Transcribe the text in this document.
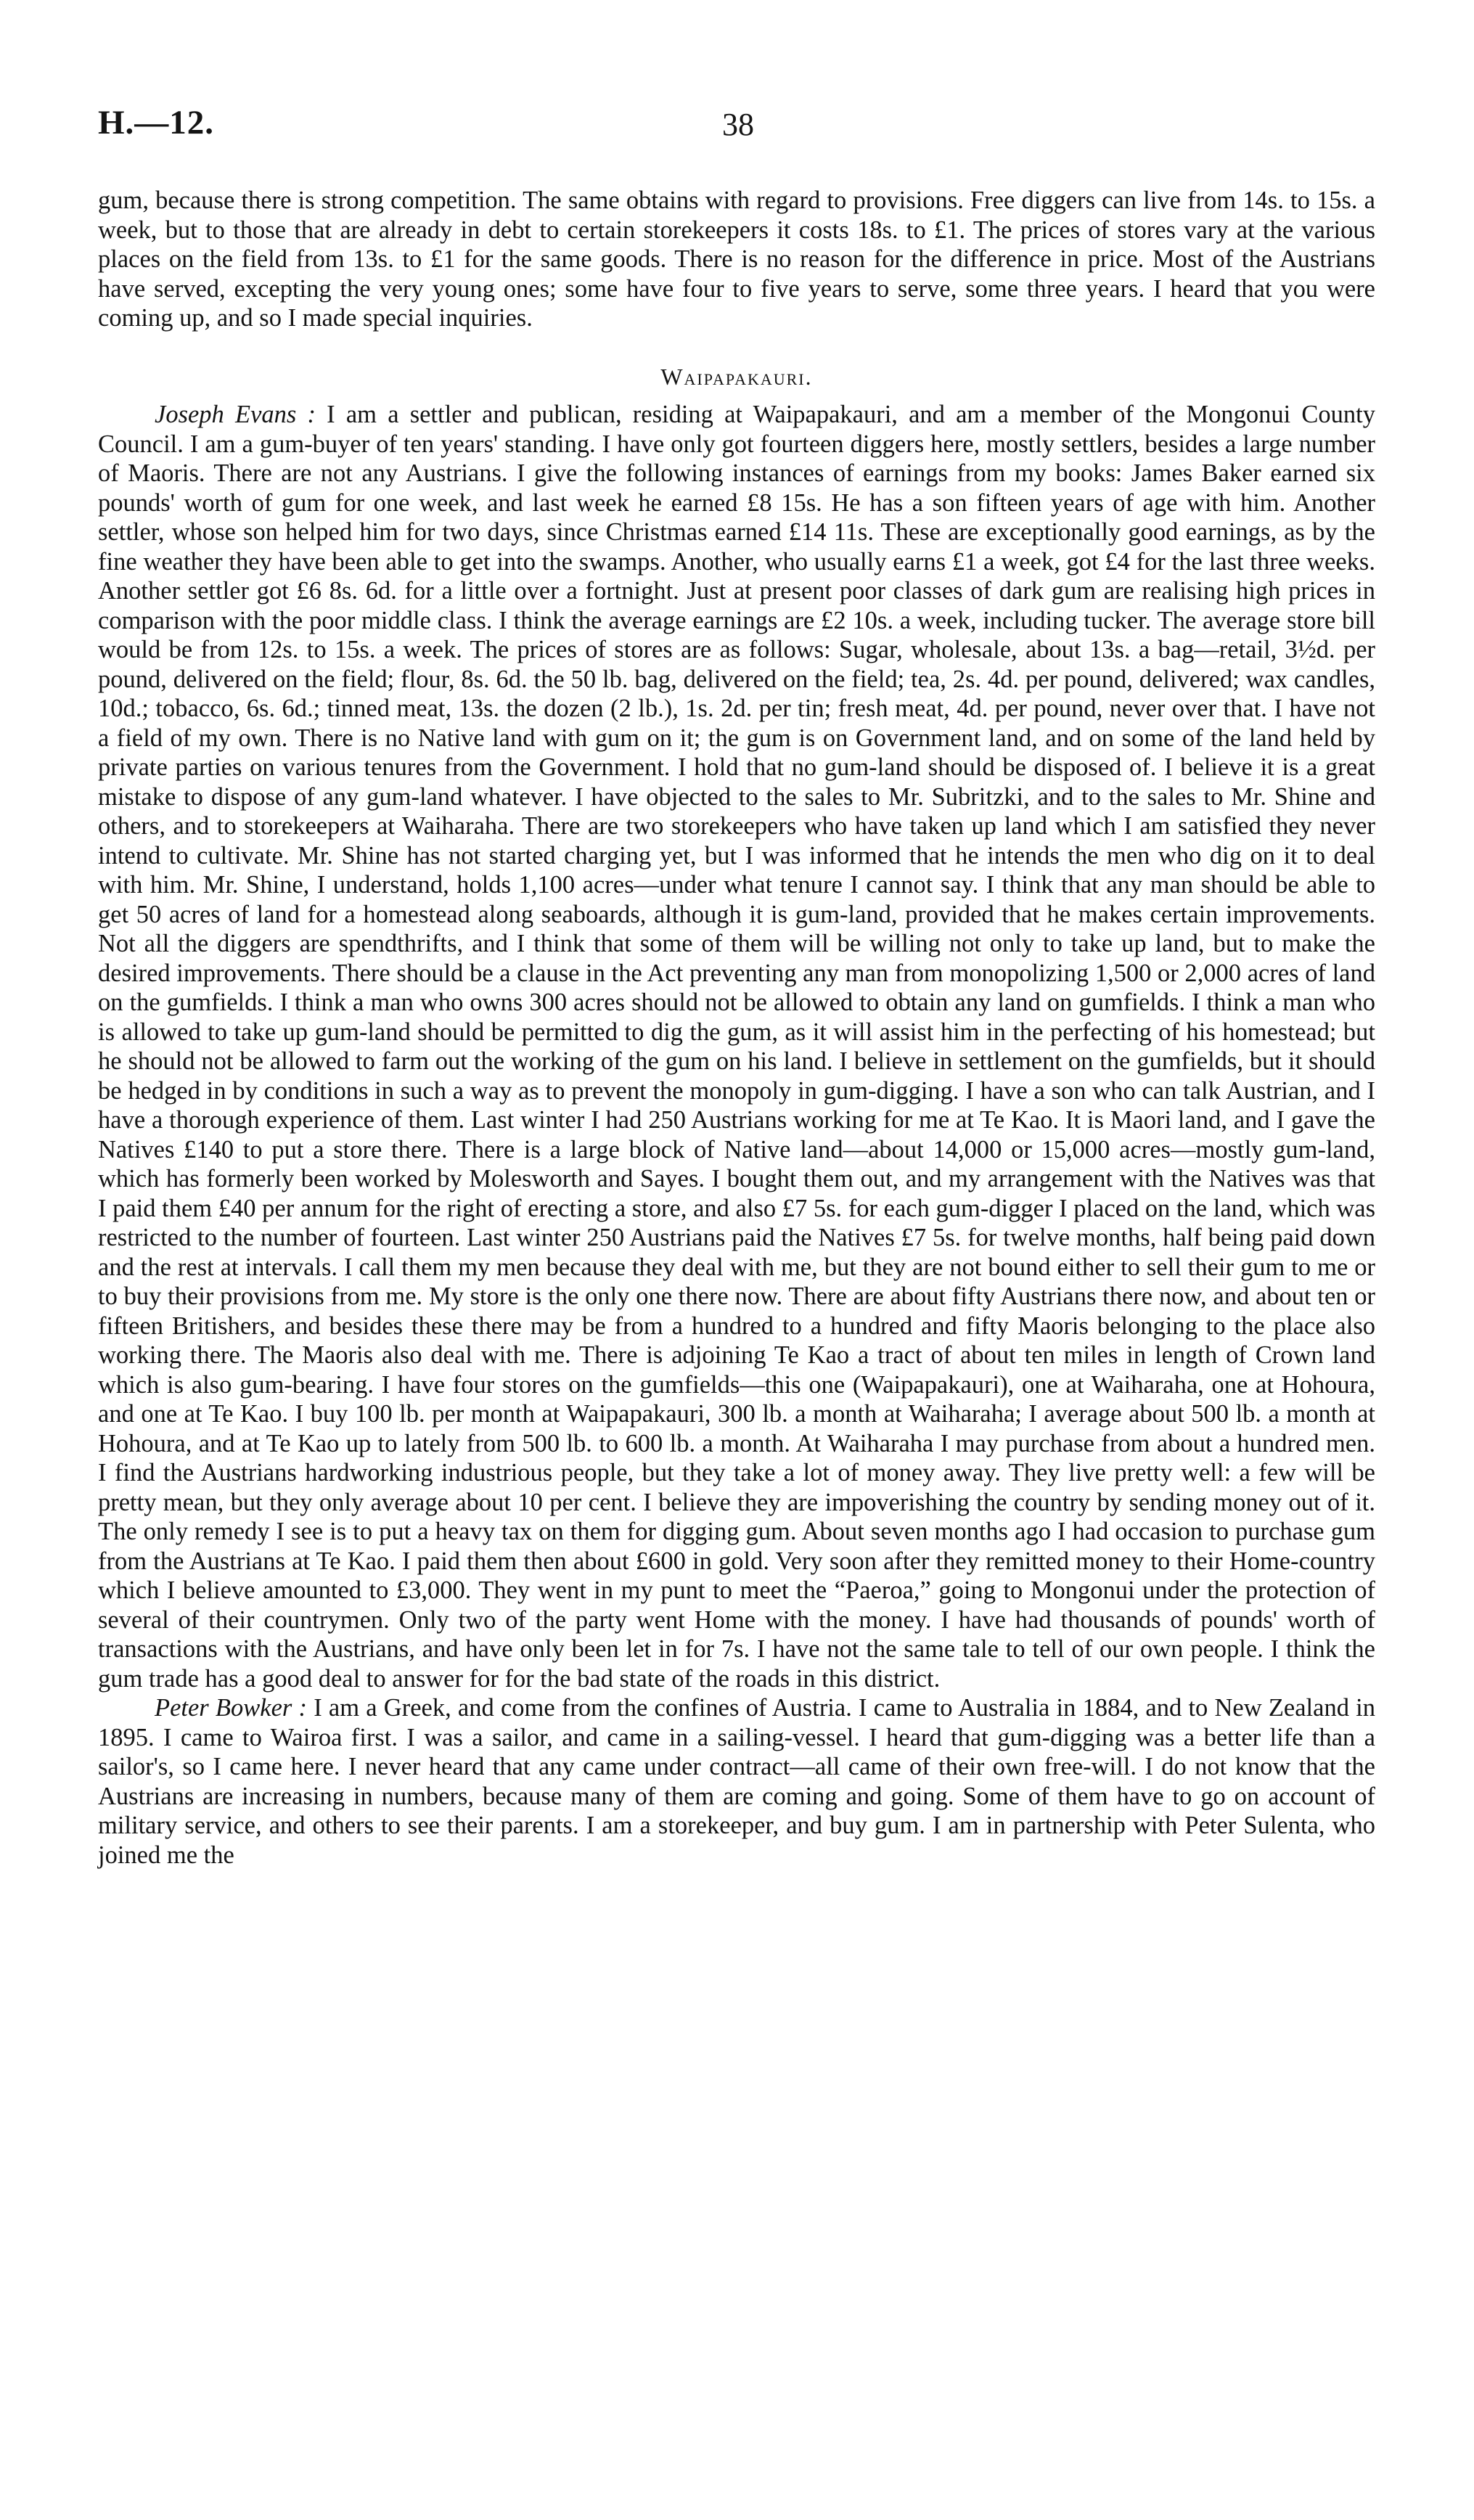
H.—12.	38

gum, because there is strong competition. The same obtains with regard to provisions. Free diggers can live from 14s. to 15s. a week, but to those that are already in debt to certain storekeepers it costs 18s. to £1. The prices of stores vary at the various places on the field from 13s. to £1 for the same goods. There is no reason for the difference in price. Most of the Austrians have served, excepting the very young ones; some have four to five years to serve, some three years. I heard that you were coming up, and so I made special inquiries.

Waipapakauri.

Joseph Evans : I am a settler and publican, residing at Waipapakauri, and am a member of the Mongonui County Council. I am a gum-buyer of ten years' standing. I have only got fourteen diggers here, mostly settlers, besides a large number of Maoris. There are not any Austrians. I give the following instances of earnings from my books: James Baker earned six pounds' worth of gum for one week, and last week he earned £8 15s. He has a son fifteen years of age with him. Another settler, whose son helped him for two days, since Christmas earned £14 11s. These are exceptionally good earnings, as by the fine weather they have been able to get into the swamps. Another, who usually earns £1 a week, got £4 for the last three weeks. Another settler got £6 8s. 6d. for a little over a fortnight. Just at present poor classes of dark gum are realising high prices in comparison with the poor middle class. I think the average earnings are £2 10s. a week, including tucker. The average store bill would be from 12s. to 15s. a week. The prices of stores are as follows: Sugar, wholesale, about 13s. a bag—retail, 3½d. per pound, delivered on the field; flour, 8s. 6d. the 50 lb. bag, delivered on the field; tea, 2s. 4d. per pound, delivered; wax candles, 10d.; tobacco, 6s. 6d.; tinned meat, 13s. the dozen (2 lb.), 1s. 2d. per tin; fresh meat, 4d. per pound, never over that. I have not a field of my own. There is no Native land with gum on it; the gum is on Government land, and on some of the land held by private parties on various tenures from the Government. I hold that no gum-land should be disposed of. I believe it is a great mistake to dispose of any gum-land whatever. I have objected to the sales to Mr. Subritzki, and to the sales to Mr. Shine and others, and to storekeepers at Waiharaha. There are two storekeepers who have taken up land which I am satisfied they never intend to cultivate. Mr. Shine has not started charging yet, but I was informed that he intends the men who dig on it to deal with him. Mr. Shine, I understand, holds 1,100 acres—under what tenure I cannot say. I think that any man should be able to get 50 acres of land for a homestead along seaboards, although it is gum-land, provided that he makes certain improvements. Not all the diggers are spendthrifts, and I think that some of them will be willing not only to take up land, but to make the desired improvements. There should be a clause in the Act preventing any man from monopolizing 1,500 or 2,000 acres of land on the gumfields. I think a man who owns 300 acres should not be allowed to obtain any land on gumfields. I think a man who is allowed to take up gum-land should be permitted to dig the gum, as it will assist him in the perfecting of his homestead; but he should not be allowed to farm out the working of the gum on his land. I believe in settlement on the gumfields, but it should be hedged in by conditions in such a way as to prevent the monopoly in gum-digging. I have a son who can talk Austrian, and I have a thorough experience of them. Last winter I had 250 Austrians working for me at Te Kao. It is Maori land, and I gave the Natives £140 to put a store there. There is a large block of Native land—about 14,000 or 15,000 acres—mostly gum-land, which has formerly been worked by Molesworth and Sayes. I bought them out, and my arrangement with the Natives was that I paid them £40 per annum for the right of erecting a store, and also £7 5s. for each gum-digger I placed on the land, which was restricted to the number of fourteen. Last winter 250 Austrians paid the Natives £7 5s. for twelve months, half being paid down and the rest at intervals. I call them my men because they deal with me, but they are not bound either to sell their gum to me or to buy their provisions from me. My store is the only one there now. There are about fifty Austrians there now, and about ten or fifteen Britishers, and besides these there may be from a hundred to a hundred and fifty Maoris belonging to the place also working there. The Maoris also deal with me. There is adjoining Te Kao a tract of about ten miles in length of Crown land which is also gum-bearing. I have four stores on the gumfields—this one (Waipapakauri), one at Waiharaha, one at Hohoura, and one at Te Kao. I buy 100 lb. per month at Waipapakauri, 300 lb. a month at Waiharaha; I average about 500 lb. a month at Hohoura, and at Te Kao up to lately from 500 lb. to 600 lb. a month. At Waiharaha I may purchase from about a hundred men. I find the Austrians hardworking industrious people, but they take a lot of money away. They live pretty well: a few will be pretty mean, but they only average about 10 per cent. I believe they are impoverishing the country by sending money out of it. The only remedy I see is to put a heavy tax on them for digging gum. About seven months ago I had occasion to purchase gum from the Austrians at Te Kao. I paid them then about £600 in gold. Very soon after they remitted money to their Home-country which I believe amounted to £3,000. They went in my punt to meet the “Paeroa,” going to Mongonui under the protection of several of their countrymen. Only two of the party went Home with the money. I have had thousands of pounds' worth of transactions with the Austrians, and have only been let in for 7s. I have not the same tale to tell of our own people. I think the gum trade has a good deal to answer for for the bad state of the roads in this district.

Peter Bowker : I am a Greek, and come from the confines of Austria. I came to Australia in 1884, and to New Zealand in 1895. I came to Wairoa first. I was a sailor, and came in a sailing-vessel. I heard that gum-digging was a better life than a sailor's, so I came here. I never heard that any came under contract—all came of their own free-will. I do not know that the Austrians are increasing in numbers, because many of them are coming and going. Some of them have to go on account of military service, and others to see their parents. I am a storekeeper, and buy gum. I am in partnership with Peter Sulenta, who joined me the
